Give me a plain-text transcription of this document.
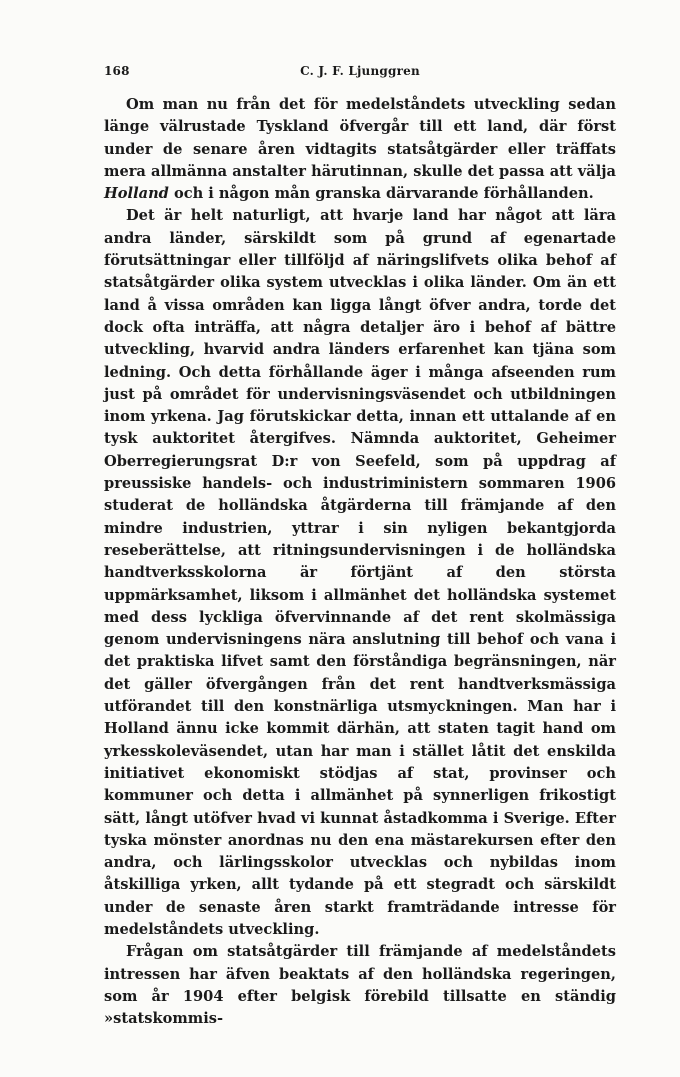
168	C. J. F. Ljunggren

Om man nu från det för medelståndets utveckling sedan länge välrustade Tyskland öfvergår till ett land, där först under de senare åren vidtagits statsåtgärder eller träffats mera allmänna anstalter härutinnan, skulle det passa att välja Holland och i någon mån granska därvarande förhållanden.

Det är helt naturligt, att hvarje land har något att lära andra länder, särskildt som på grund af egenartade förutsättningar eller tillföljd af näringslifvets olika behof af statsåtgärder olika system utvecklas i olika länder. Om än ett land å vissa områden kan ligga långt öfver andra, torde det dock ofta inträffa, att några detaljer äro i behof af bättre utveckling, hvarvid andra länders erfarenhet kan tjäna som ledning. Och detta förhållande äger i många afseenden rum just på området för undervisningsväsendet och utbildningen inom yrkena. Jag förutskickar detta, innan ett uttalande af en tysk auktoritet återgifves. Nämnda auktoritet, Geheimer Oberregierungsrat D:r von Seefeld, som på uppdrag af preussiske handels- och industriministern sommaren 1906 studerat de holländska åtgärderna till främjande af den mindre industrien, yttrar i sin nyligen bekantgjorda reseberättelse, att ritningsundervisningen i de holländska handtverksskolorna är förtjänt af den största uppmärksamhet, liksom i allmänhet det holländska systemet med dess lyckliga öfvervinnande af det rent skolmässiga genom undervisningens nära anslutning till behof och vana i det praktiska lifvet samt den förståndiga begränsningen, när det gäller öfvergången från det rent handtverksmässiga utförandet till den konstnärliga utsmyckningen. Man har i Holland ännu icke kommit därhän, att staten tagit hand om yrkesskoleväsendet, utan har man i stället låtit det enskilda initiativet ekonomiskt stödjas af stat, provinser och kommuner och detta i allmänhet på synnerligen frikostigt sätt, långt utöfver hvad vi kunnat åstadkomma i Sverige. Efter tyska mönster anordnas nu den ena mästarekursen efter den andra, och lärlingsskolor utvecklas och nybildas inom åtskilliga yrken, allt tydande på ett stegradt och särskildt under de senaste åren starkt framträdande intresse för medelståndets utveckling.

Frågan om statsåtgärder till främjande af medelståndets intressen har äfven beaktats af den holländska regeringen, som år 1904 efter belgisk förebild tillsatte en ständig »statskommis-
